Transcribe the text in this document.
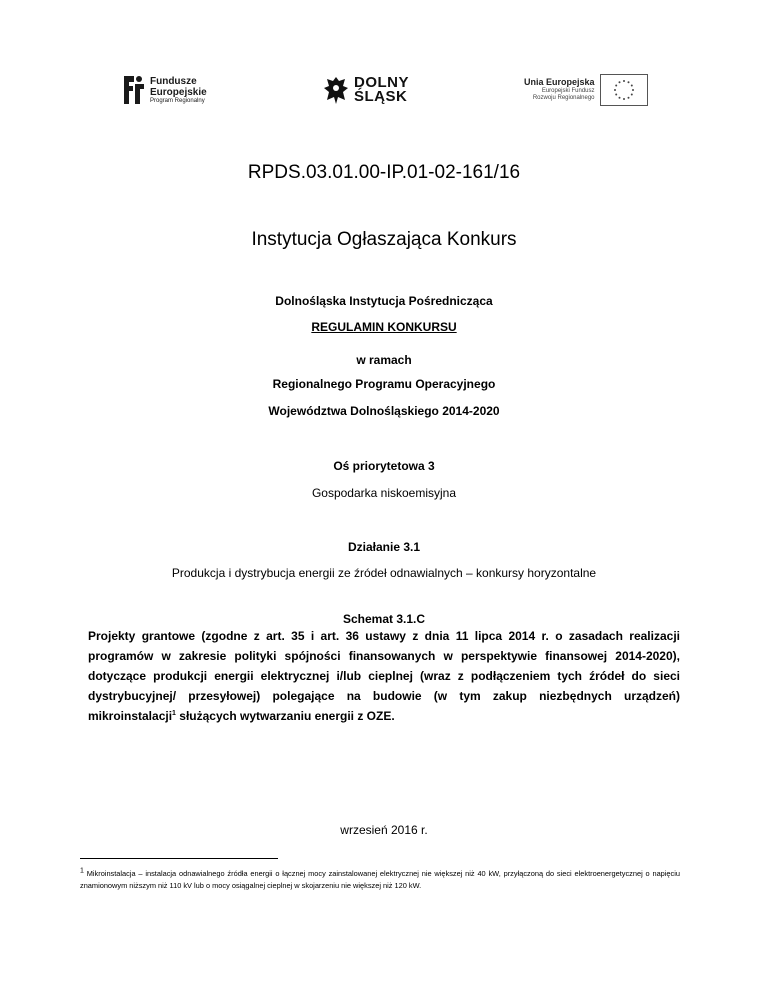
Fundusze
Europejskie
Program Regionalny
DOLNY
ŚLĄSK
Unia Europejska
Europejski Fundusz
Rozwoju Regionalnego
RPDS.03.01.00-IP.01-02-161/16
Instytucja Ogłaszająca Konkurs
Dolnośląska Instytucja Pośrednicząca
REGULAMIN KONKURSU
w ramach
Regionalnego Programu Operacyjnego
Województwa Dolnośląskiego 2014-2020
Oś priorytetowa 3
Gospodarka niskoemisyjna
Działanie 3.1
Produkcja i dystrybucja energii ze źródeł odnawialnych – konkursy horyzontalne
Schemat 3.1.C
Projekty grantowe (zgodne z art. 35 i art. 36 ustawy z dnia 11 lipca 2014 r. o zasadach realizacji programów w zakresie polityki spójności finansowanych w perspektywie finansowej 2014-2020), dotyczące produkcji energii elektrycznej i/lub cieplnej (wraz z podłączeniem tych źródeł do sieci dystrybucyjnej/ przesyłowej) polegające na budowie (w tym zakup niezbędnych urządzeń) mikroinstalacji$^1$ służących wytwarzaniu energii z OZE.
wrzesień 2016 r.
$^1$ Mikroinstalacja – instalacja odnawialnego źródła energii o łącznej mocy zainstalowanej elektrycznej nie większej niż 40 kW, przyłączoną do sieci elektroenergetycznej o napięciu znamionowym niższym niż 110 kV lub o mocy osiągalnej cieplnej w skojarzeniu nie większej niż 120 kW.
